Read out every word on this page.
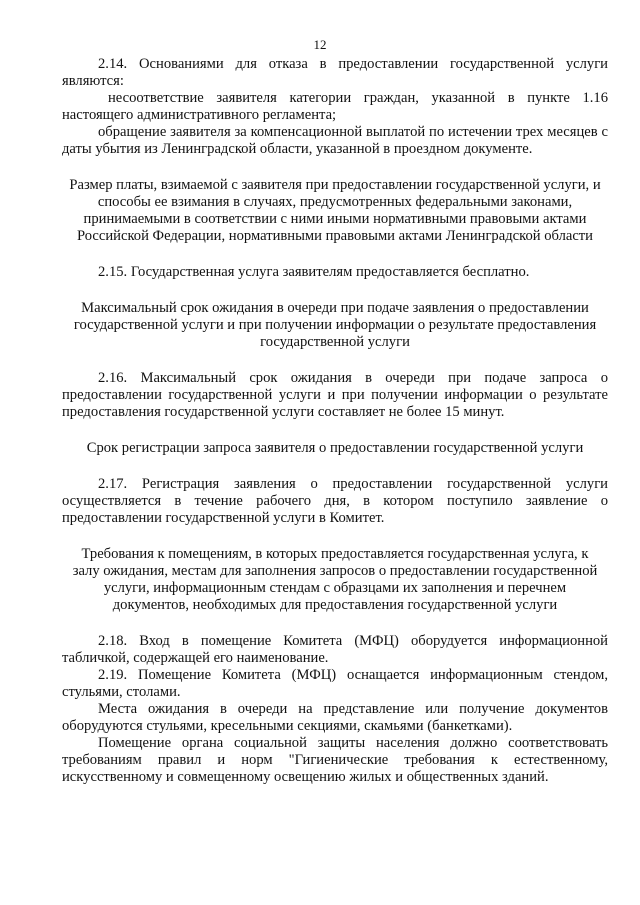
12

2.14. Основаниями для отказа в предоставлении государственной услуги являются:

несоответствие заявителя категории граждан, указанной в пункте 1.16 настоящего административного регламента;

обращение заявителя за компенсационной выплатой по истечении трех месяцев с даты убытия из Ленинградской области, указанной в проездном документе.

Размер платы, взимаемой с заявителя при предоставлении государственной услуги, и способы ее взимания в случаях, предусмотренных федеральными законами, принимаемыми в соответствии с ними иными нормативными правовыми актами Российской Федерации, нормативными правовыми актами Ленинградской области

2.15. Государственная услуга заявителям предоставляется бесплатно.

Максимальный срок ожидания в очереди при подаче заявления о предоставлении государственной услуги и при получении информации о результате предоставления государственной услуги

2.16. Максимальный срок ожидания в очереди при подаче запроса о предоставлении государственной услуги и при получении информации о результате предоставления государственной услуги составляет не более 15 минут.

Срок регистрации запроса заявителя о предоставлении государственной услуги

2.17. Регистрация заявления о предоставлении государственной услуги осуществляется в течение рабочего дня, в котором поступило заявление о предоставлении государственной услуги в Комитет.

Требования к помещениям, в которых предоставляется государственная услуга, к залу ожидания, местам для заполнения запросов о предоставлении государственной услуги, информационным стендам с образцами их заполнения и перечнем документов, необходимых для предоставления государственной услуги

2.18. Вход в помещение Комитета (МФЦ) оборудуется информационной табличкой, содержащей его наименование.

2.19. Помещение Комитета (МФЦ) оснащается информационным стендом, стульями, столами.

Места ожидания в очереди на представление или получение документов оборудуются стульями, кресельными секциями, скамьями (банкетками).

Помещение органа социальной защиты населения должно соответствовать требованиям правил и норм "Гигиенические требования к естественному, искусственному и совмещенному освещению жилых и общественных зданий.
